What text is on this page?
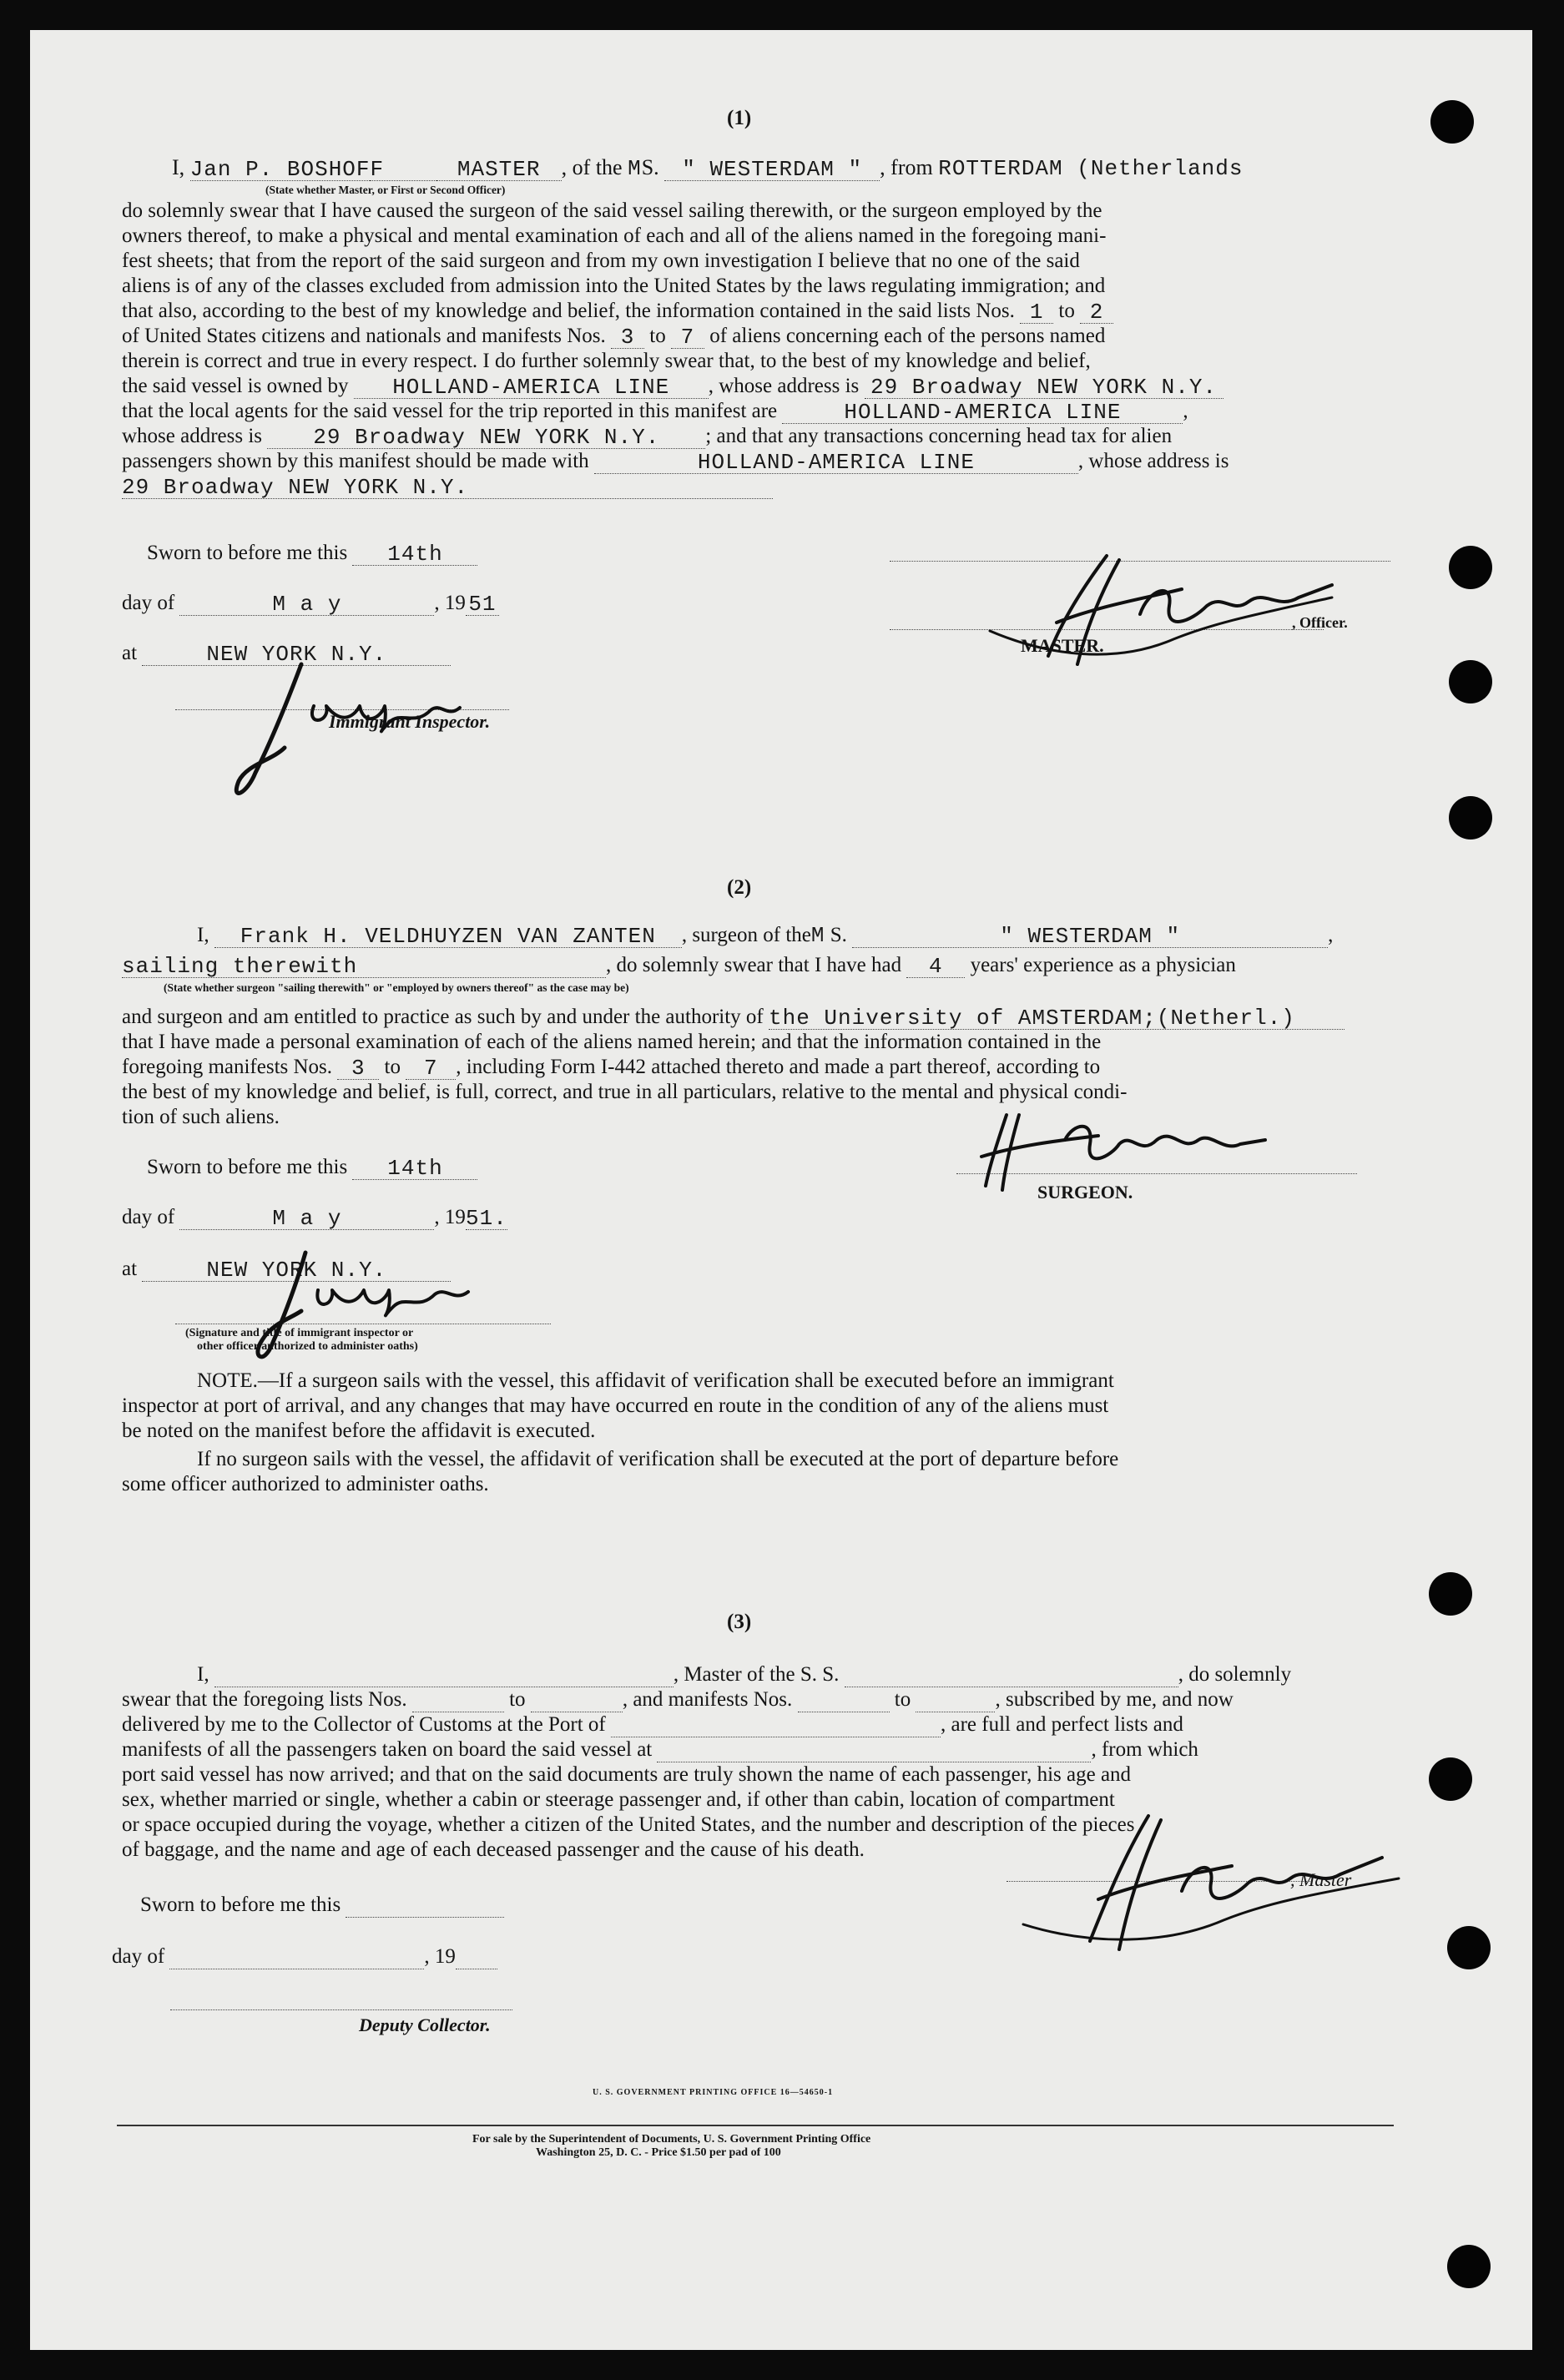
(1)
I, Jan P. BOSHOFF	MASTER , of the MS. " WESTERDAM " , from ROTTERDAM (Netherlands
(State whether Master, or First or Second Officer)
do solemnly swear that I have caused the surgeon of the said vessel sailing therewith, or the surgeon employed by the
owners thereof, to make a physical and mental examination of each and all of the aliens named in the foregoing mani-
fest sheets; that from the report of the said surgeon and from my own investigation I believe that no one of the said
aliens is of any of the classes excluded from admission into the United States by the laws regulating immigration; and
that also, according to the best of my knowledge and belief, the information contained in the said lists Nos. 1 to 2
of United States citizens and nationals and manifests Nos. 3 to 7 of aliens concerning each of the persons named
therein is correct and true in every respect. I do further solemnly swear that, to the best of my knowledge and belief,
the said vessel is owned by HOLLAND-AMERICA LINE , whose address is 29 Broadway NEW YORK N.Y.
that the local agents for the said vessel for the trip reported in this manifest are	HOLLAND-AMERICA LINE	,
whose address is 29 Broadway NEW YORK N.Y. ; and that any transactions concerning head tax for alien
passengers shown by this manifest should be made with	HOLLAND-AMERICA LINE	, whose address is
29 Broadway NEW YORK N.Y.
Sworn to before me this 14th
day of	M a y	, 19 51
at	NEW YORK N.Y.
Immigrant Inspector.
MASTER.
, Officer.
(2)
I, Frank H. VELDHUYZEN VAN ZANTEN , surgeon of theM S.	" WESTERDAM "	,
sailing therewith	, do solemnly swear that I have had 4 years' experience as a physician
(State whether surgeon "sailing therewith" or "employed by owners thereof" as the case may be)
and surgeon and am entitled to practice as such by and under the authority of the University of AMSTERDAM;(Netherl.)
that I have made a personal examination of each of the aliens named herein; and that the information contained in the
foregoing manifests Nos. 3 to 7 , including Form I-442 attached thereto and made a part thereof, according to
the best of my knowledge and belief, is full, correct, and true in all particulars, relative to the mental and physical condi-
tion of such aliens.
Sworn to before me this 14th
day of	M a y	, 1951.
at	NEW YORK N.Y.
(Signature and title of immigrant inspector or
other officer authorized to administer oaths)
SURGEON.
NOTE.—If a surgeon sails with the vessel, this affidavit of verification shall be executed before an immigrant
inspector at port of arrival, and any changes that may have occurred en route in the condition of any of the aliens must
be noted on the manifest before the affidavit is executed.
If no surgeon sails with the vessel, the affidavit of verification shall be executed at the port of departure before
some officer authorized to administer oaths.
(3)
I,	, Master of the S. S.	, do solemnly
swear that the foregoing lists Nos.	to	, and manifests Nos.	to	, subscribed by me, and now
delivered by me to the Collector of Customs at the Port of	, are full and perfect lists and
manifests of all the passengers taken on board the said vessel at	, from which
port said vessel has now arrived; and that on the said documents are truly shown the name of each passenger, his age and
sex, whether married or single, whether a cabin or steerage passenger and, if other than cabin, location of compartment
or space occupied during the voyage, whether a citizen of the United States, and the number and description of the pieces
of baggage, and the name and age of each deceased passenger and the cause of his death.
Sworn to before me this
day of	, 19
Deputy Collector.
, Master
U. S. GOVERNMENT PRINTING OFFICE 16—54650-1
For sale by the Superintendent of Documents, U. S. Government Printing Office
Washington 25, D. C. - Price $1.50 per pad of 100
